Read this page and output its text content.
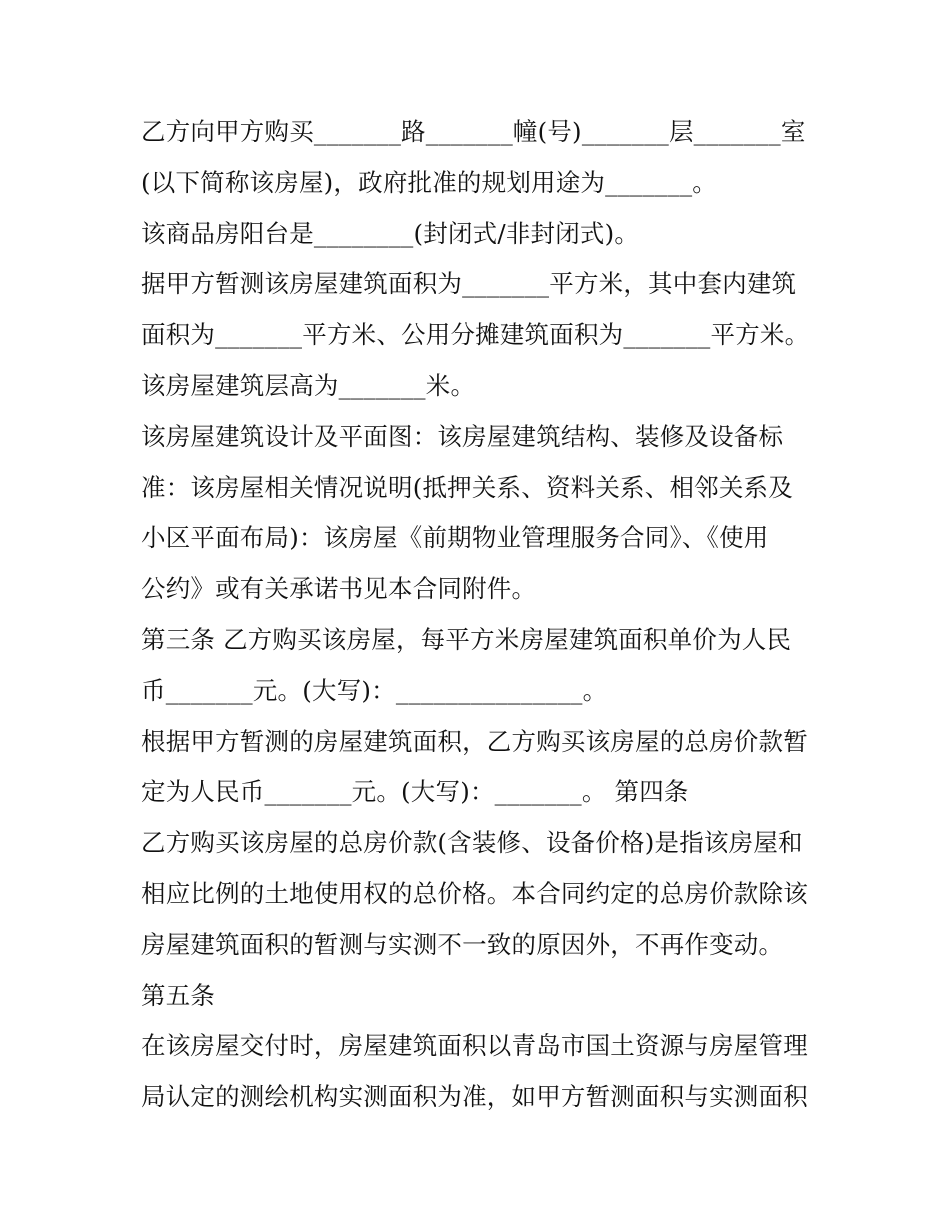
乙方向甲方购买_______路_______幢(号)_______层_______室
(以下简称该房屋)，政府批准的规划用途为_______。
该商品房阳台是________(封闭式/非封闭式)。
据甲方暂测该房屋建筑面积为_______平方米，其中套内建筑
面积为_______平方米、公用分摊建筑面积为_______平方米。
该房屋建筑层高为_______米。
该房屋建筑设计及平面图：该房屋建筑结构、装修及设备标
准：该房屋相关情况说明(抵押关系、资料关系、相邻关系及
小区平面布局)：该房屋《前期物业管理服务合同》、《使用
公约》或有关承诺书见本合同附件。
第三条 乙方购买该房屋，每平方米房屋建筑面积单价为人民
币_______元。(大写)：_______________。
根据甲方暂测的房屋建筑面积，乙方购买该房屋的总房价款暂
定为人民币_______元。(大写)：_______。 第四条
乙方购买该房屋的总房价款(含装修、设备价格)是指该房屋和
相应比例的土地使用权的总价格。本合同约定的总房价款除该
房屋建筑面积的暂测与实测不一致的原因外，不再作变动。
第五条
在该房屋交付时，房屋建筑面积以青岛市国土资源与房屋管理
局认定的测绘机构实测面积为准，如甲方暂测面积与实测面积
